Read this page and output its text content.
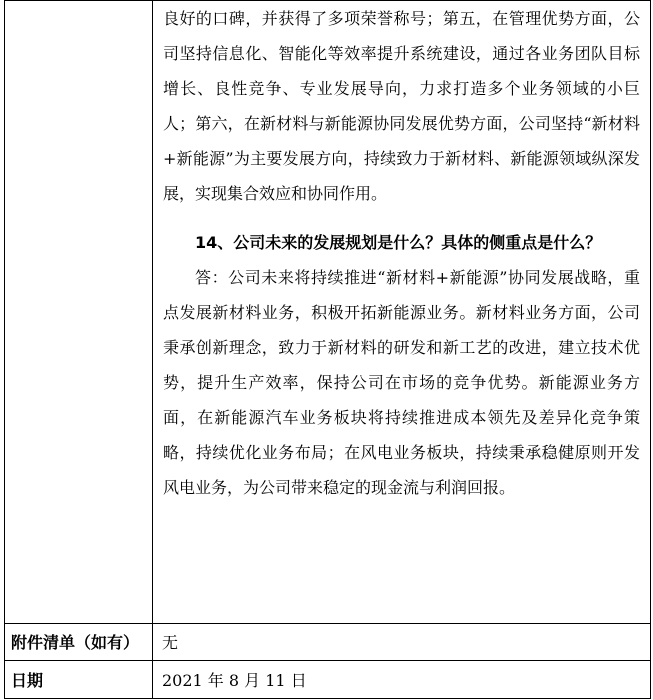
	良好的口碑，并获得了多项荣誉称号；第五，在管理优势方面，公司坚持信息化、智能化等效率提升系统建设，通过各业务团队目标增长、良性竞争、专业发展导向，力求打造多个业务领域的小巨人；第六，在新材料与新能源协同发展优势方面，公司坚持“新材料+新能源”为主要发展方向，持续致力于新材料、新能源领域纵深发展，实现集合效应和协同作用。

14、公司未来的发展规划是什么？具体的侧重点是什么？

答：公司未来将持续推进“新材料+新能源”协同发展战略，重点发展新材料业务，积极开拓新能源业务。新材料业务方面，公司秉承创新理念，致力于新材料的研发和新工艺的改进，建立技术优势，提升生产效率，保持公司在市场的竞争优势。新能源业务方面，在新能源汽车业务板块将持续推进成本领先及差异化竞争策略，持续优化业务布局；在风电业务板块，持续秉承稳健原则开发风电业务，为公司带来稳定的现金流与利润回报。

附件清单（如有）	无
日期	2021 年 8 月 11 日
